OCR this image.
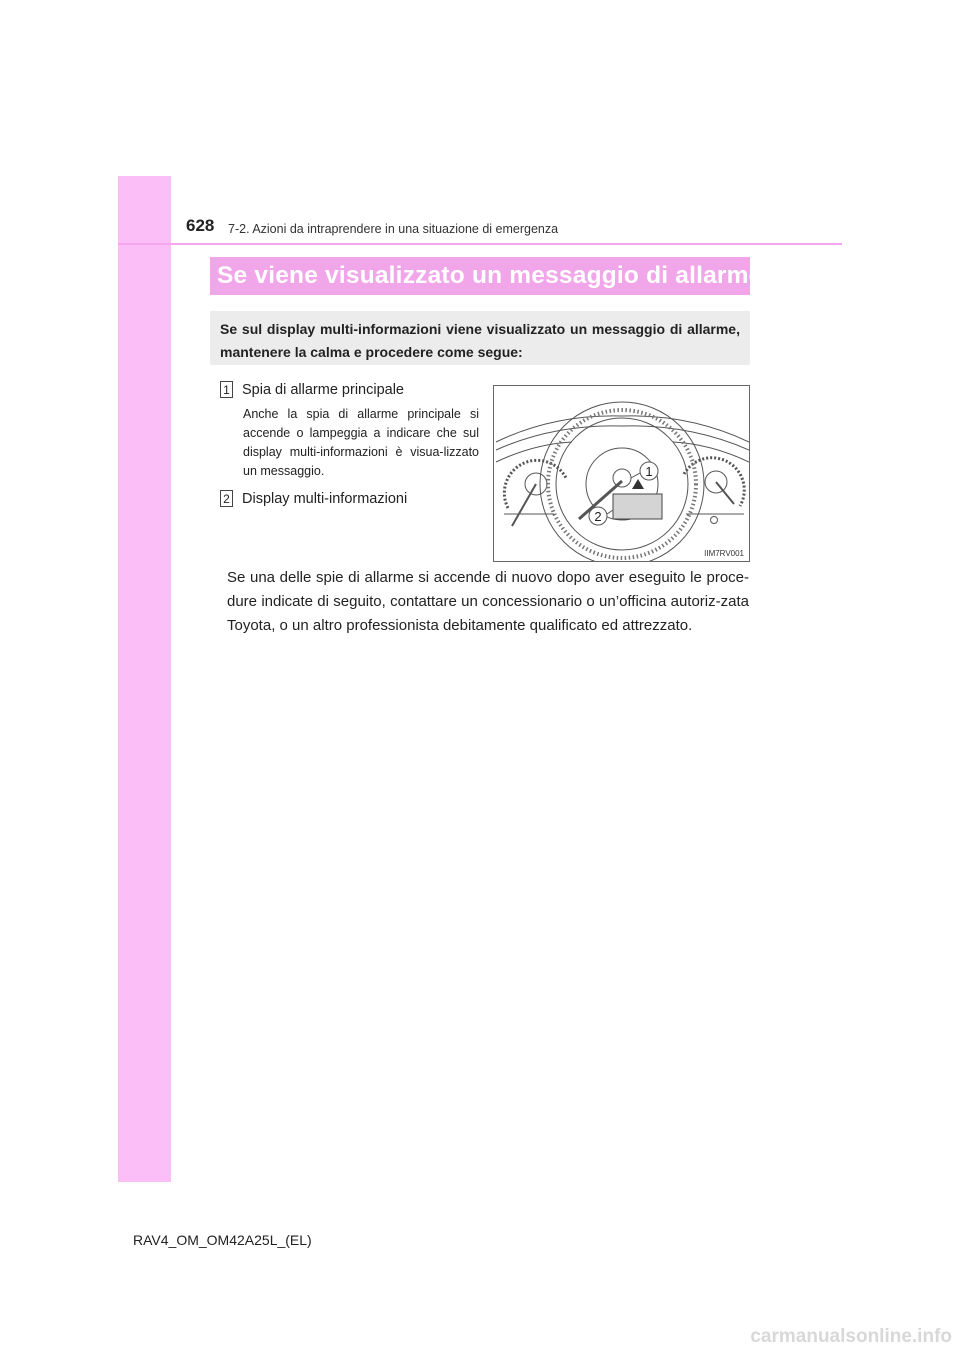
628 7-2. Azioni da intraprendere in una situazione di emergenza
Se viene visualizzato un messaggio di allarme
Se sul display multi-informazioni viene visualizzato un messaggio di allarme, mantenere la calma e procedere come segue:
1 Spia di allarme principale
Anche la spia di allarme principale si accende o lampeggia a indicare che sul display multi-informazioni è visua-lizzato un messaggio.
2 Display multi-informazioni
1
2
IIM7RV001
Se una delle spie di allarme si accende di nuovo dopo aver eseguito le proce-dure indicate di seguito, contattare un concessionario o un’officina autoriz-zata Toyota, o un altro professionista debitamente qualificato ed attrezzato.
RAV4_OM_OM42A25L_(EL)
carmanualsonline.info
